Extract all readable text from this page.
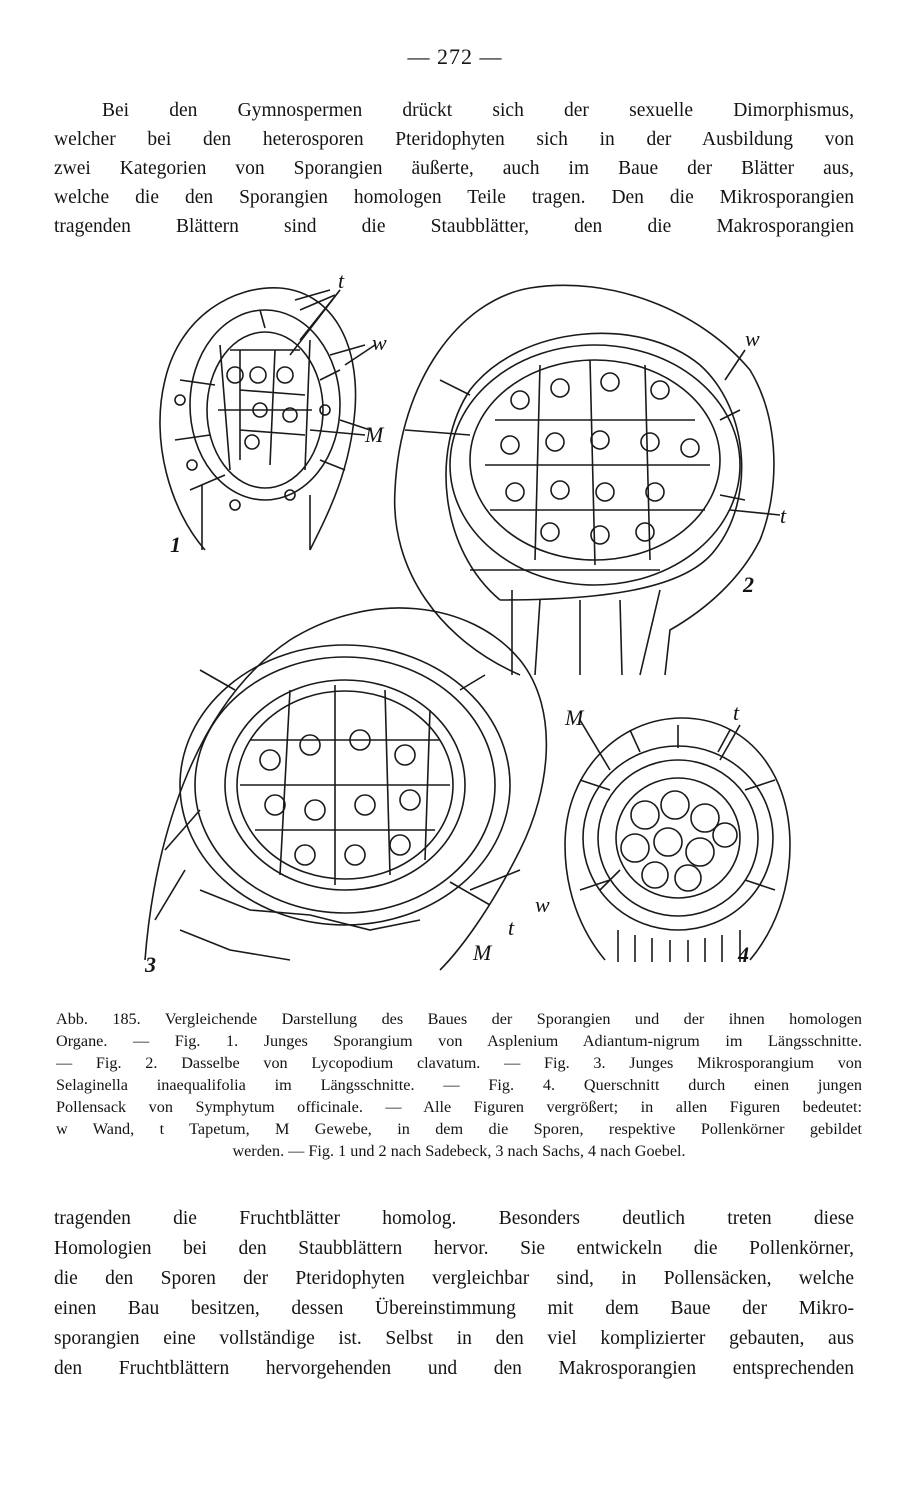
— 272 —
Bei den Gymnospermen drückt sich der sexuelle Dimorphismus,
welcher bei den heterosporen Pteridophyten sich in der Ausbildung von
zwei Kategorien von Sporangien äußerte, auch im Baue der Blätter aus,
welche die den Sporangien homologen Teile tragen. Den die Mikrosporangien
tragenden Blättern sind die Staubblätter, den die Makrosporangien
t
w
M
1
w
t
2
t
M
3
M	t
w
4
Abb. 185. Vergleichende Darstellung des Baues der Sporangien und der ihnen homologen
Organe. — Fig. 1. Junges Sporangium von Asplenium Adiantum-nigrum im Längsschnitte.
— Fig. 2. Dasselbe von Lycopodium clavatum. — Fig. 3. Junges Mikrosporangium von
Selaginella inaequalifolia im Längsschnitte. — Fig. 4. Querschnitt durch einen jungen
Pollensack von Symphytum officinale. — Alle Figuren vergrößert; in allen Figuren bedeutet:
w Wand, t Tapetum, M Gewebe, in dem die Sporen, respektive Pollenkörner gebildet
werden. — Fig. 1 und 2 nach Sadebeck, 3 nach Sachs, 4 nach Goebel.
tragenden die Fruchtblätter homolog. Besonders deutlich treten diese
Homologien bei den Staubblättern hervor. Sie entwickeln die Pollenkörner,
die den Sporen der Pteridophyten vergleichbar sind, in Pollensäcken, welche
einen Bau besitzen, dessen Übereinstimmung mit dem Baue der Mikro-
sporangien eine vollständige ist. Selbst in den viel komplizierter gebauten, aus
den Fruchtblättern hervorgehenden und den Makrosporangien entsprechenden
